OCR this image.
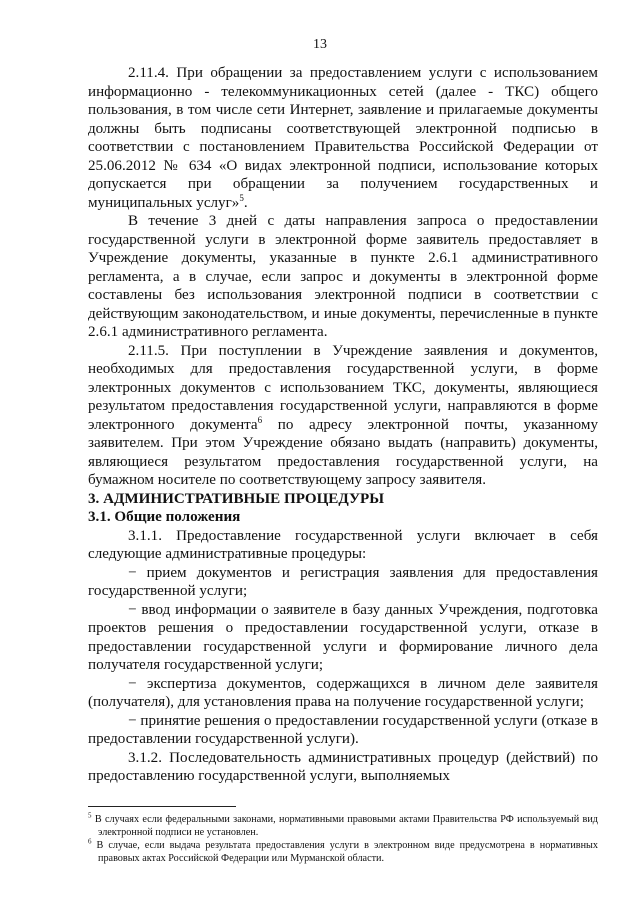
13

2.11.4. При обращении за предоставлением услуги с использованием информационно - телекоммуникационных сетей (далее - ТКС) общего пользования, в том числе сети Интернет, заявление и прилагаемые документы должны быть подписаны соответствующей электронной подписью в соответствии с постановлением Правительства Российской Федерации от 25.06.2012 № 634 «О видах электронной подписи, использование которых допускается при обращении за получением государственных и муниципальных услуг»$^5$.

В течение 3 дней с даты направления запроса о предоставлении государственной услуги в электронной форме заявитель предоставляет в Учреждение документы, указанные в пункте 2.6.1 административного регламента, а в случае, если запрос и документы в электронной форме составлены без использования электронной подписи в соответствии с действующим законодательством, и иные документы, перечисленные в пункте 2.6.1 административного регламента.

2.11.5. При поступлении в Учреждение заявления и документов, необходимых для предоставления государственной услуги, в форме электронных документов с использованием ТКС, документы, являющиеся результатом предоставления государственной услуги, направляются в форме электронного документа$^6$ по адресу электронной почты, указанному заявителем. При этом Учреждение обязано выдать (направить) документы, являющиеся результатом предоставления государственной услуги, на бумажном носителе по соответствующему запросу заявителя.

3. АДМИНИСТРАТИВНЫЕ ПРОЦЕДУРЫ

3.1. Общие положения

3.1.1. Предоставление государственной услуги включает в себя следующие административные процедуры:

− прием документов и регистрация заявления для предоставления государственной услуги;

− ввод информации о заявителе в базу данных Учреждения, подготовка проектов решения о предоставлении государственной услуги, отказе в предоставлении государственной услуги и формирование личного дела получателя государственной услуги;

− экспертиза документов, содержащихся в личном деле заявителя (получателя), для установления права на получение государственной услуги;

− принятие решения о предоставлении государственной услуги (отказе в предоставлении государственной услуги).

3.1.2. Последовательность административных процедур (действий) по предоставлению государственной услуги, выполняемых

$^5$ В случаях если федеральными законами, нормативными правовыми актами Правительства РФ используемый вид электронной подписи не установлен.

$^6$ В случае, если выдача результата предоставления услуги в электронном виде предусмотрена в нормативных правовых актах Российской Федерации или Мурманской области.
